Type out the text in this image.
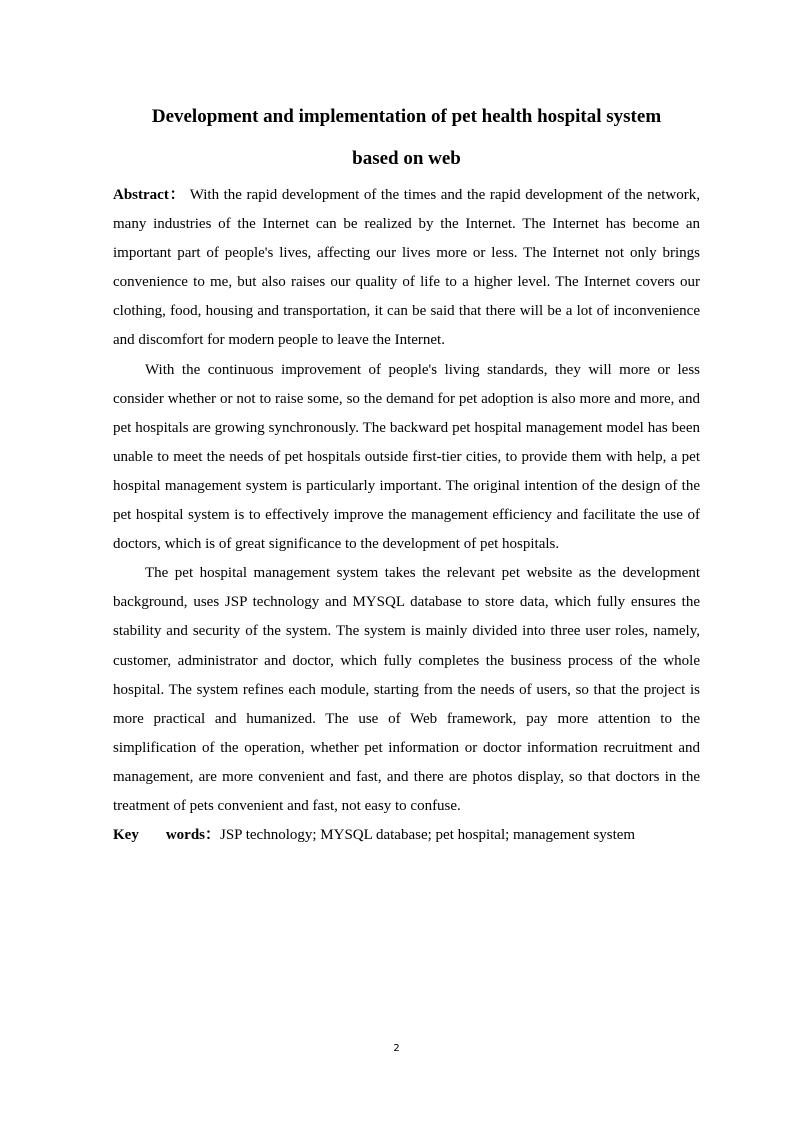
Development and implementation of pet health hospital system
based on web

Abstract： With the rapid development of the times and the rapid development of the network, many industries of the Internet can be realized by the Internet. The Internet has become an important part of people's lives, affecting our lives more or less. The Internet not only brings convenience to me, but also raises our quality of life to a higher level. The Internet covers our clothing, food, housing and transportation, it can be said that there will be a lot of inconvenience and discomfort for modern people to leave the Internet.

With the continuous improvement of people's living standards, they will more or less consider whether or not to raise some, so the demand for pet adoption is also more and more, and pet hospitals are growing synchronously. The backward pet hospital management model has been unable to meet the needs of pet hospitals outside first-tier cities, to provide them with help, a pet hospital management system is particularly important. The original intention of the design of the pet hospital system is to effectively improve the management efficiency and facilitate the use of doctors, which is of great significance to the development of pet hospitals.

The pet hospital management system takes the relevant pet website as the development background, uses JSP technology and MYSQL database to store data, which fully ensures the stability and security of the system. The system is mainly divided into three user roles, namely, customer, administrator and doctor, which fully completes the business process of the whole hospital. The system refines each module, starting from the needs of users, so that the project is more practical and humanized. The use of Web framework, pay more attention to the simplification of the operation, whether pet information or doctor information recruitment and management, are more convenient and fast, and there are photos display, so that doctors in the treatment of pets convenient and fast, not easy to confuse.

Key words：JSP technology; MYSQL database; pet hospital; management system

2
